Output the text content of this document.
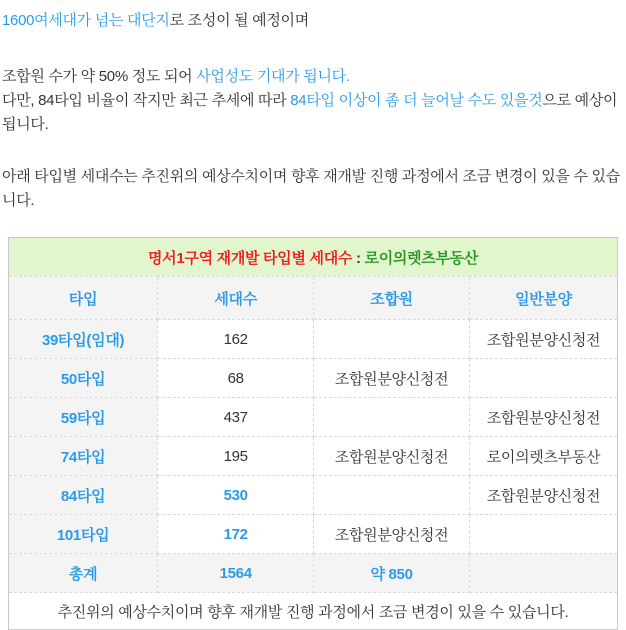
1600여세대가 넘는 대단지로 조성이 될 예정이며

조합원 수가 약 50% 정도 되어 사업성도 기대가 됩니다.

다만, 84타입 비율이 작지만 최근 추세에 따라 84타입 이상이 좀 더 늘어날 수도 있을것으로 예상이 됩니다.

아래 타입별 세대수는 추진위의 예상수치이며 향후 재개발 진행 과정에서 조금 변경이 있을 수 있습니다.

명서1구역 재개발 타입별 세대수 : 로이의렛츠부동산			
타입	세대수	조합원	일반분양
39타입(임대)	162		조합원분양신청전
50타입	68	조합원분양신청전	
59타입	437		조합원분양신청전
74타입	195	조합원분양신청전	로이의렛츠부동산
84타입	530		조합원분양신청전
101타입	172	조합원분양신청전	
총계	1564	약 850	
추진위의 예상수치이며 향후 재개발 진행 과정에서 조금 변경이 있을 수 있습니다.			
